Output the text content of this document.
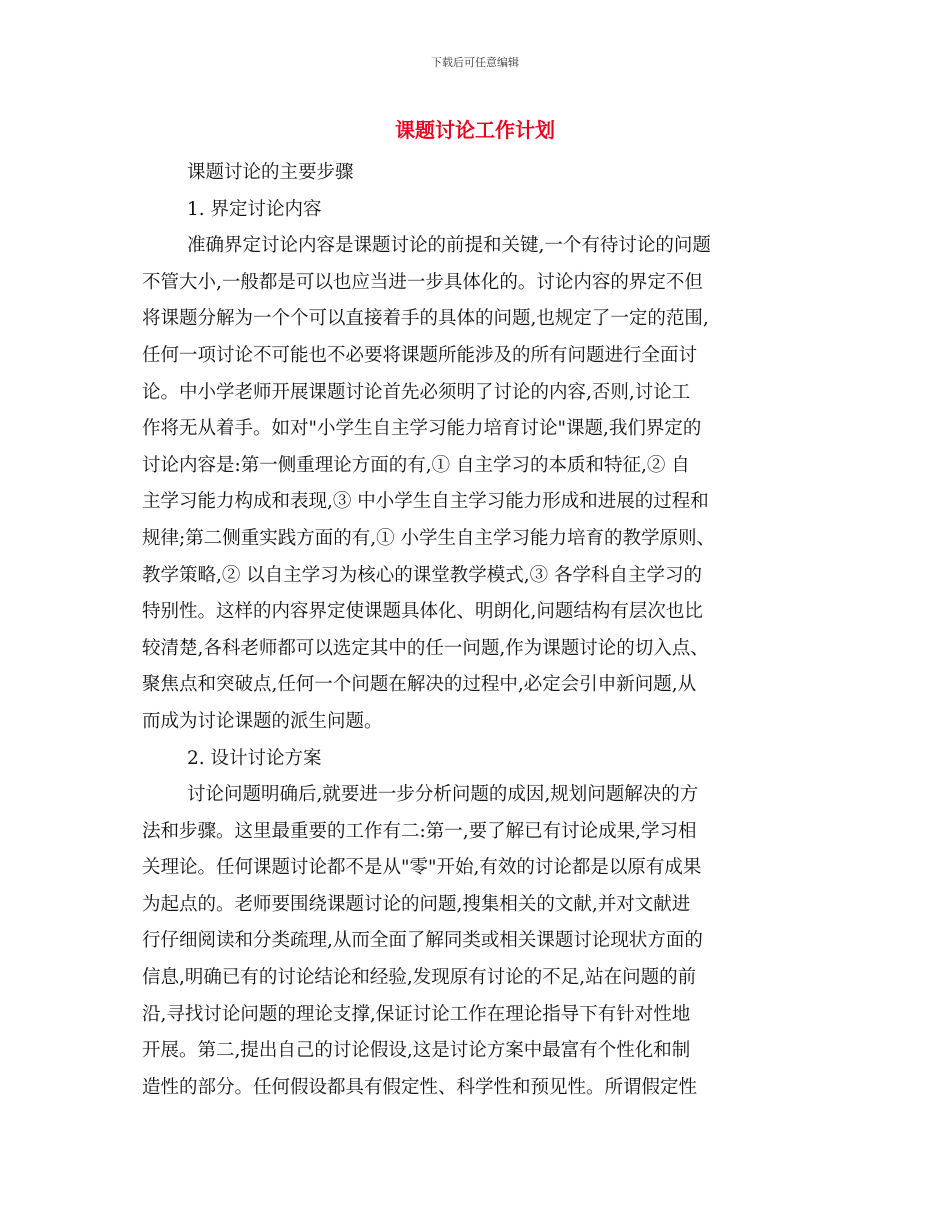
下载后可任意编辑
课题讨论工作计划
课题讨论的主要步骤
1. 界定讨论内容
准确界定讨论内容是课题讨论的前提和关键,一个有待讨论的问题
不管大小,一般都是可以也应当进一步具体化的。讨论内容的界定不但
将课题分解为一个个可以直接着手的具体的问题,也规定了一定的范围,
任何一项讨论不可能也不必要将课题所能涉及的所有问题进行全面讨
论。中小学老师开展课题讨论首先必须明了讨论的内容,否则,讨论工
作将无从着手。如对"小学生自主学习能力培育讨论"课题,我们界定的
讨论内容是:第一侧重理论方面的有,① 自主学习的本质和特征,② 自
主学习能力构成和表现,③ 中小学生自主学习能力形成和进展的过程和
规律;第二侧重实践方面的有,① 小学生自主学习能力培育的教学原则、
教学策略,② 以自主学习为核心的课堂教学模式,③ 各学科自主学习的
特别性。这样的内容界定使课题具体化、明朗化,问题结构有层次也比
较清楚,各科老师都可以选定其中的任一问题,作为课题讨论的切入点、
聚焦点和突破点,任何一个问题在解决的过程中,必定会引申新问题,从
而成为讨论课题的派生问题。
2. 设计讨论方案
讨论问题明确后,就要进一步分析问题的成因,规划问题解决的方
法和步骤。这里最重要的工作有二:第一,要了解已有讨论成果,学习相
关理论。任何课题讨论都不是从"零"开始,有效的讨论都是以原有成果
为起点的。老师要围绕课题讨论的问题,搜集相关的文献,并对文献进
行仔细阅读和分类疏理,从而全面了解同类或相关课题讨论现状方面的
信息,明确已有的讨论结论和经验,发现原有讨论的不足,站在问题的前
沿,寻找讨论问题的理论支撑,保证讨论工作在理论指导下有针对性地
开展。第二,提出自己的讨论假设,这是讨论方案中最富有个性化和制
造性的部分。任何假设都具有假定性、科学性和预见性。所谓假定性
